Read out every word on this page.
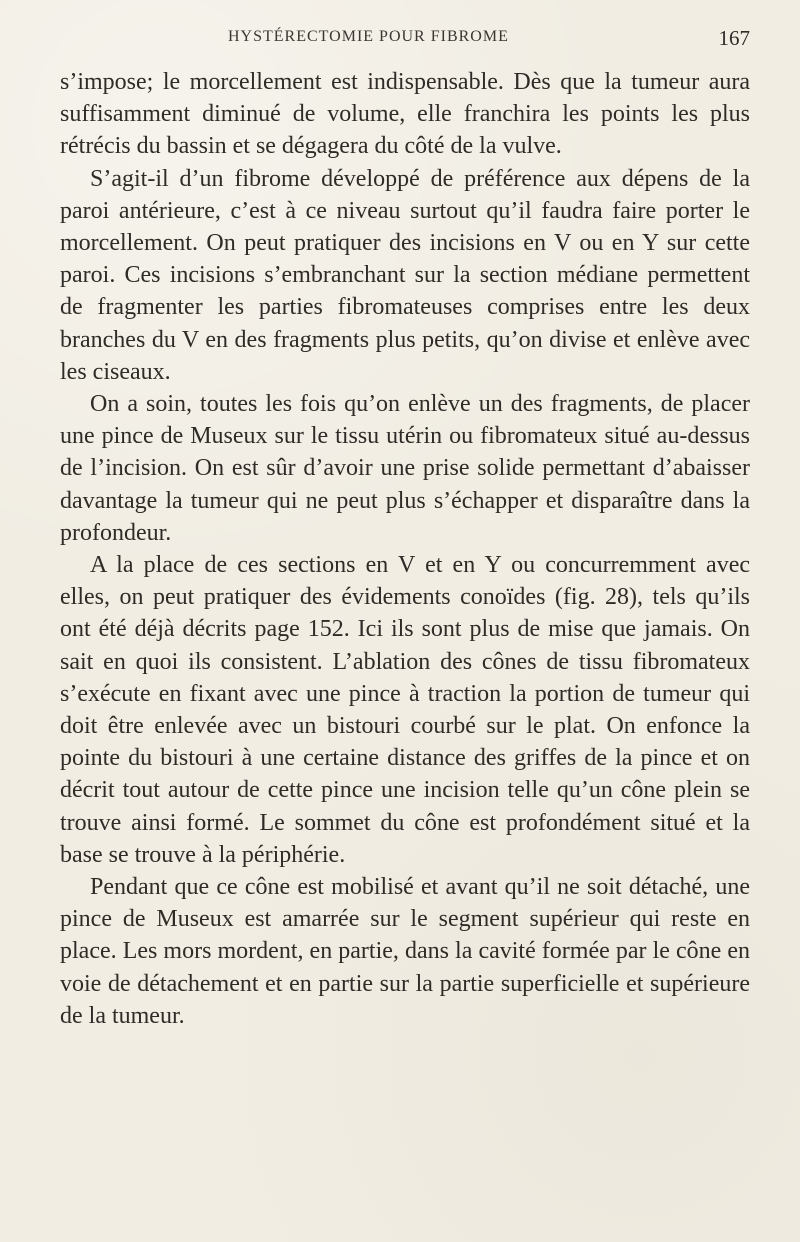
HYSTÉRECTOMIE POUR FIBROME	167

s’impose; le morcellement est indispensable. Dès que la tumeur aura suffisamment diminué de volume, elle franchira les points les plus rétrécis du bassin et se dégagera du côté de la vulve.

S’agit-il d’un fibrome développé de préférence aux dépens de la paroi antérieure, c’est à ce niveau surtout qu’il faudra faire porter le morcellement. On peut pratiquer des incisions en V ou en Y sur cette paroi. Ces incisions s’embranchant sur la section médiane permettent de fragmenter les parties fibromateuses comprises entre les deux branches du V en des fragments plus petits, qu’on divise et enlève avec les ciseaux.

On a soin, toutes les fois qu’on enlève un des fragments, de placer une pince de Museux sur le tissu utérin ou fibromateux situé au-dessus de l’incision. On est sûr d’avoir une prise solide permettant d’abaisser davantage la tumeur qui ne peut plus s’échapper et disparaître dans la profondeur.

A la place de ces sections en V et en Y ou concurremment avec elles, on peut pratiquer des évidements conoïdes (fig. 28), tels qu’ils ont été déjà décrits page 152. Ici ils sont plus de mise que jamais. On sait en quoi ils consistent. L’ablation des cônes de tissu fibromateux s’exécute en fixant avec une pince à traction la portion de tumeur qui doit être enlevée avec un bistouri courbé sur le plat. On enfonce la pointe du bistouri à une certaine distance des griffes de la pince et on décrit tout autour de cette pince une incision telle qu’un cône plein se trouve ainsi formé. Le sommet du cône est profondément situé et la base se trouve à la périphérie.

Pendant que ce cône est mobilisé et avant qu’il ne soit détaché, une pince de Museux est amarrée sur le segment supérieur qui reste en place. Les mors mordent, en partie, dans la cavité formée par le cône en voie de détachement et en partie sur la partie superficielle et supérieure de la tumeur.
